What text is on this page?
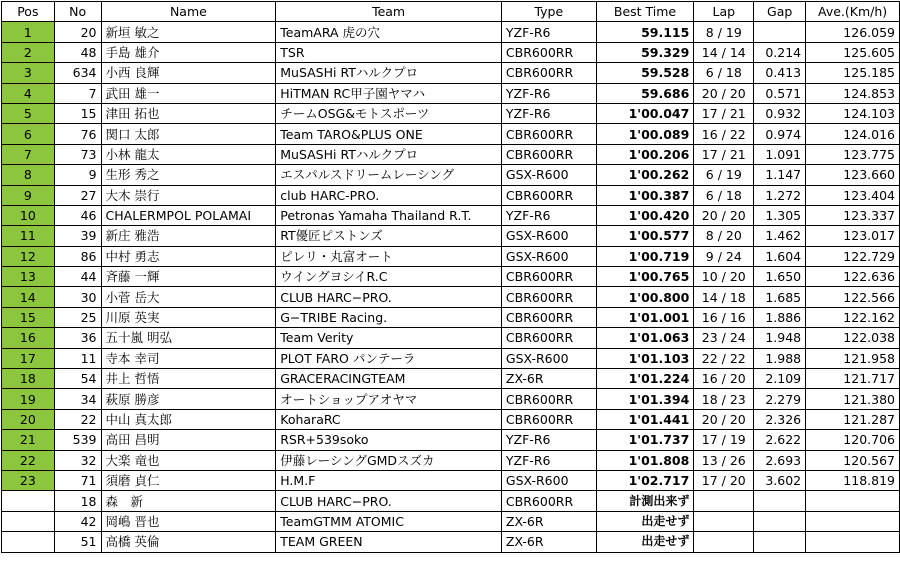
Pos	No	Name	Team	Type	Best Time	Lap	Gap	Ave.(Km/h)
1	20	新垣 敏之	TeamARA 虎の穴	YZF-R6	59.115	8 / 19		126.059
2	48	手島 雄介	TSR	CBR600RR	59.329	14 / 14	0.214	125.605
3	634	小西 良輝	MuSASHi RTハルクプロ	CBR600RR	59.528	6 / 18	0.413	125.185
4	7	武田 雄一	HiTMAN RC甲子園ヤマハ	YZF-R6	59.686	20 / 20	0.571	124.853
5	15	津田 拓也	チームOSG&モトスポーツ	YZF-R6	1'00.047	17 / 21	0.932	124.103
6	76	関口 太郎	Team TARO&PLUS ONE	CBR600RR	1'00.089	16 / 22	0.974	124.016
7	73	小林 龍太	MuSASHi RTハルクプロ	CBR600RR	1'00.206	17 / 21	1.091	123.775
8	9	生形 秀之	エスパルスドリームレーシング	GSX-R600	1'00.262	6 / 19	1.147	123.660
9	27	大木 崇行	club HARC-PRO.	CBR600RR	1'00.387	6 / 18	1.272	123.404
10	46	CHALERMPOL POLAMAI	Petronas Yamaha Thailand R.T.	YZF-R6	1'00.420	20 / 20	1.305	123.337
11	39	新庄 雅浩	RT優匠ピストンズ	GSX-R600	1'00.577	8 / 20	1.462	123.017
12	86	中村 勇志	ピレリ・丸富オート	GSX-R600	1'00.719	9 / 24	1.604	122.729
13	44	斉藤 一輝	ウイングヨシイR.C	CBR600RR	1'00.765	10 / 20	1.650	122.636
14	30	小菅 岳大	CLUB HARC−PRO.	CBR600RR	1'00.800	14 / 18	1.685	122.566
15	25	川原 英実	G−TRIBE Racing.	CBR600RR	1'01.001	16 / 16	1.886	122.162
16	36	五十嵐 明弘	Team Verity	CBR600RR	1'01.063	23 / 24	1.948	122.038
17	11	寺本 幸司	PLOT FARO パンテーラ	GSX-R600	1'01.103	22 / 22	1.988	121.958
18	54	井上 哲悟	GRACERACINGTEAM	ZX-6R	1'01.224	16 / 20	2.109	121.717
19	34	萩原 勝彦	オートショップアオヤマ	CBR600RR	1'01.394	18 / 23	2.279	121.380
20	22	中山 真太郎	KoharaRC	CBR600RR	1'01.441	20 / 20	2.326	121.287
21	539	高田 昌明	RSR+539soko	YZF-R6	1'01.737	17 / 19	2.622	120.706
22	32	大楽 竜也	伊藤レーシングGMDスズカ	YZF-R6	1'01.808	13 / 26	2.693	120.567
23	71	須磨 貞仁	H.M.F	GSX-R600	1'02.717	17 / 20	3.602	118.819
	18	森　新	CLUB HARC−PRO.	CBR600RR	計測出来ず			
	42	岡嶋 晋也	TeamGTMM ATOMIC	ZX-6R	出走せず			
	51	高橋 英倫	TEAM GREEN	ZX-6R	出走せず			
